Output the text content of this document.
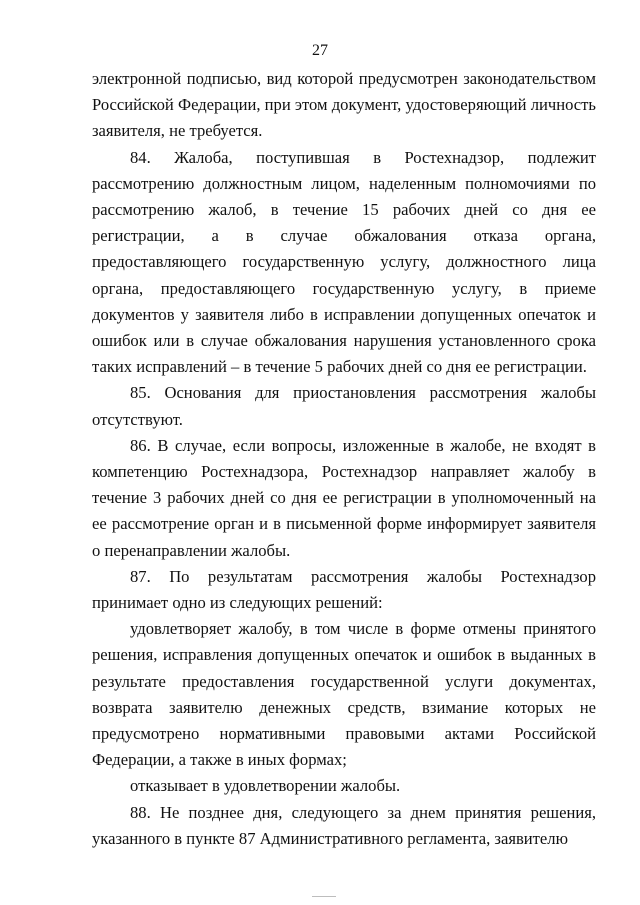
27

электронной подписью, вид которой предусмотрен законодательством Российской Федерации, при этом документ, удостоверяющий личность заявителя, не требуется.

84. Жалоба, поступившая в Ростехнадзор, подлежит рассмотрению должностным лицом, наделенным полномочиями по рассмотрению жалоб, в течение 15 рабочих дней со дня ее регистрации, а в случае обжалования отказа органа, предоставляющего государственную услугу, должностного лица органа, предоставляющего государственную услугу, в приеме документов у заявителя либо в исправлении допущенных опечаток и ошибок или в случае обжалования нарушения установленного срока таких исправлений – в течение 5 рабочих дней со дня ее регистрации.

85. Основания для приостановления рассмотрения жалобы отсутствуют.

86. В случае, если вопросы, изложенные в жалобе, не входят в компетенцию Ростехнадзора, Ростехнадзор направляет жалобу в течение 3 рабочих дней со дня ее регистрации в уполномоченный на ее рассмотрение орган и в письменной форме информирует заявителя о перенаправлении жалобы.

87. По результатам рассмотрения жалобы Ростехнадзор принимает одно из следующих решений:

удовлетворяет жалобу, в том числе в форме отмены принятого решения, исправления допущенных опечаток и ошибок в выданных в результате предоставления государственной услуги документах, возврата заявителю денежных средств, взимание которых не предусмотрено нормативными правовыми актами Российской Федерации, а также в иных формах;

отказывает в удовлетворении жалобы.

88. Не позднее дня, следующего за днем принятия решения, указанного в пункте 87 Административного регламента, заявителю
